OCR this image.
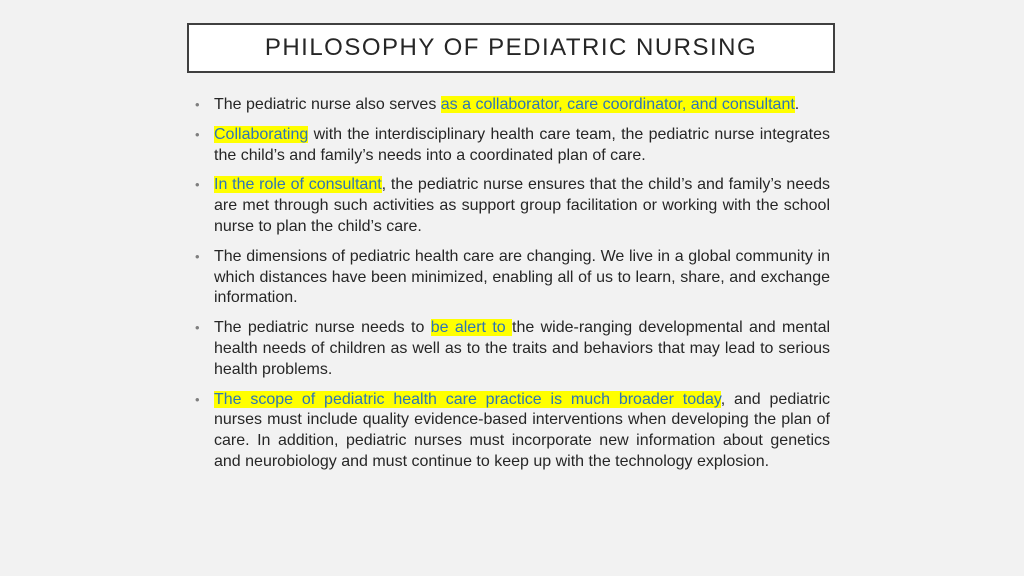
PHILOSOPHY OF PEDIATRIC NURSING
• The pediatric nurse also serves as a collaborator, care coordinator, and consultant.
• Collaborating with the interdisciplinary health care team, the pediatric nurse integrates the child’s and family’s needs into a coordinated plan of care.
• In the role of consultant, the pediatric nurse ensures that the child’s and family’s needs are met through such activities as support group facilitation or working with the school nurse to plan the child’s care.
• The dimensions of pediatric health care are changing. We live in a global community in which distances have been minimized, enabling all of us to learn, share, and exchange information.
• The pediatric nurse needs to be alert to the wide-ranging developmental and mental health needs of children as well as to the traits and behaviors that may lead to serious health problems.
• The scope of pediatric health care practice is much broader today, and pediatric nurses must include quality evidence-based interventions when developing the plan of care. In addition, pediatric nurses must incorporate new information about genetics and neurobiology and must continue to keep up with the technology explosion.
